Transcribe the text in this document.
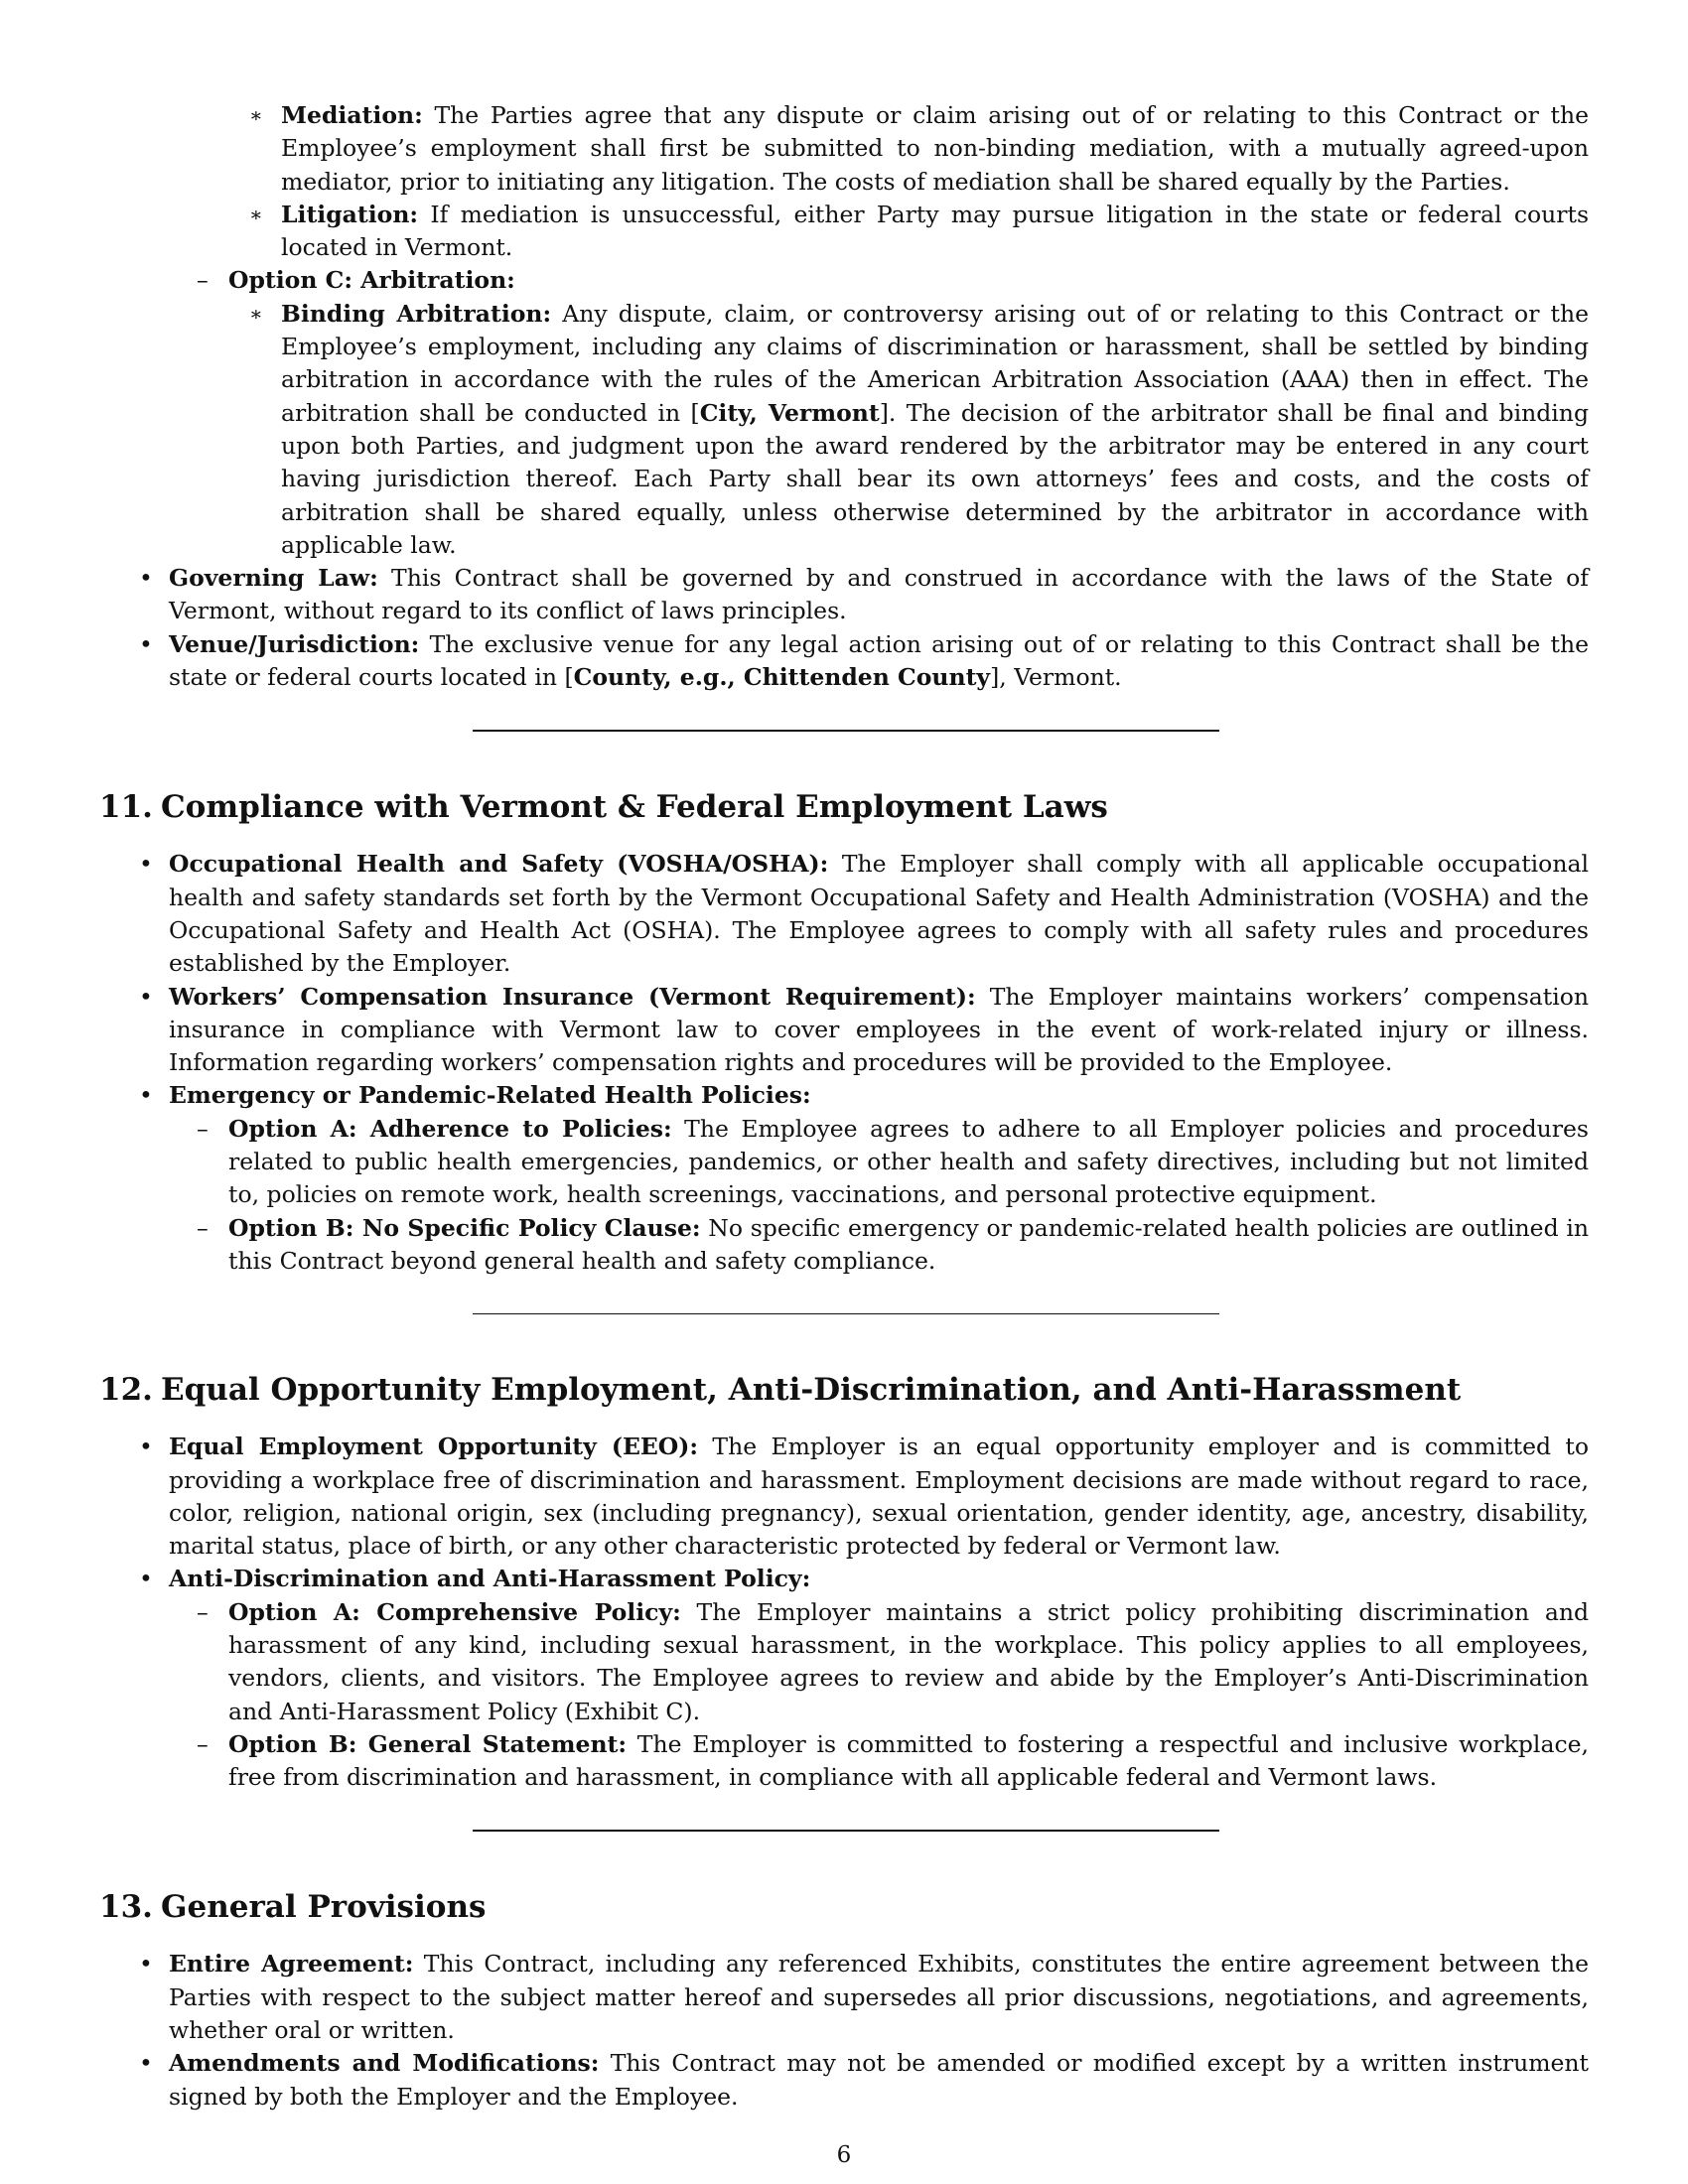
∗ Mediation: The Parties agree that any dispute or claim arising out of or relating to this Contract or the Employee’s employment shall first be submitted to non-binding mediation, with a mutually agreed-upon mediator, prior to initiating any litigation. The costs of mediation shall be shared equally by the Parties.
∗ Litigation: If mediation is unsuccessful, either Party may pursue litigation in the state or federal courts located in Vermont.
– Option C: Arbitration:
∗ Binding Arbitration: Any dispute, claim, or controversy arising out of or relating to this Contract or the Employee’s employment, including any claims of discrimination or harassment, shall be settled by binding arbitration in accordance with the rules of the American Arbitration Association (AAA) then in effect. The arbitration shall be conducted in [City, Vermont]. The decision of the arbitrator shall be final and binding upon both Parties, and judgment upon the award rendered by the arbitrator may be entered in any court having jurisdiction thereof. Each Party shall bear its own attorneys’ fees and costs, and the costs of arbitration shall be shared equally, unless otherwise determined by the arbitrator in accordance with applicable law.
• Governing Law: This Contract shall be governed by and construed in accordance with the laws of the State of Vermont, without regard to its conflict of laws principles.
• Venue/Jurisdiction: The exclusive venue for any legal action arising out of or relating to this Contract shall be the state or federal courts located in [County, e.g., Chittenden County], Vermont.
11. Compliance with Vermont & Federal Employment Laws
• Occupational Health and Safety (VOSHA/OSHA): The Employer shall comply with all applicable occupational health and safety standards set forth by the Vermont Occupational Safety and Health Administration (VOSHA) and the Occupational Safety and Health Act (OSHA). The Employee agrees to comply with all safety rules and procedures established by the Employer.
• Workers’ Compensation Insurance (Vermont Requirement): The Employer maintains workers’ compensation insurance in compliance with Vermont law to cover employees in the event of work-related injury or illness. Information regarding workers’ compensation rights and procedures will be provided to the Employee.
• Emergency or Pandemic-Related Health Policies:
– Option A: Adherence to Policies: The Employee agrees to adhere to all Employer policies and procedures related to public health emergencies, pandemics, or other health and safety directives, including but not limited to, policies on remote work, health screenings, vaccinations, and personal protective equipment.
– Option B: No Specific Policy Clause: No specific emergency or pandemic-related health policies are outlined in this Contract beyond general health and safety compliance.
12. Equal Opportunity Employment, Anti-Discrimination, and Anti-Harassment
• Equal Employment Opportunity (EEO): The Employer is an equal opportunity employer and is committed to providing a workplace free of discrimination and harassment. Employment decisions are made without regard to race, color, religion, national origin, sex (including pregnancy), sexual orientation, gender identity, age, ancestry, disability, marital status, place of birth, or any other characteristic protected by federal or Vermont law.
• Anti-Discrimination and Anti-Harassment Policy:
– Option A: Comprehensive Policy: The Employer maintains a strict policy prohibiting discrimination and harassment of any kind, including sexual harassment, in the workplace. This policy applies to all employees, vendors, clients, and visitors. The Employee agrees to review and abide by the Employer’s Anti-Discrimination and Anti-Harassment Policy (Exhibit C).
– Option B: General Statement: The Employer is committed to fostering a respectful and inclusive workplace, free from discrimination and harassment, in compliance with all applicable federal and Vermont laws.
13. General Provisions
• Entire Agreement: This Contract, including any referenced Exhibits, constitutes the entire agreement between the Parties with respect to the subject matter hereof and supersedes all prior discussions, negotiations, and agreements, whether oral or written.
• Amendments and Modifications: This Contract may not be amended or modified except by a written instrument signed by both the Employer and the Employee.
6
